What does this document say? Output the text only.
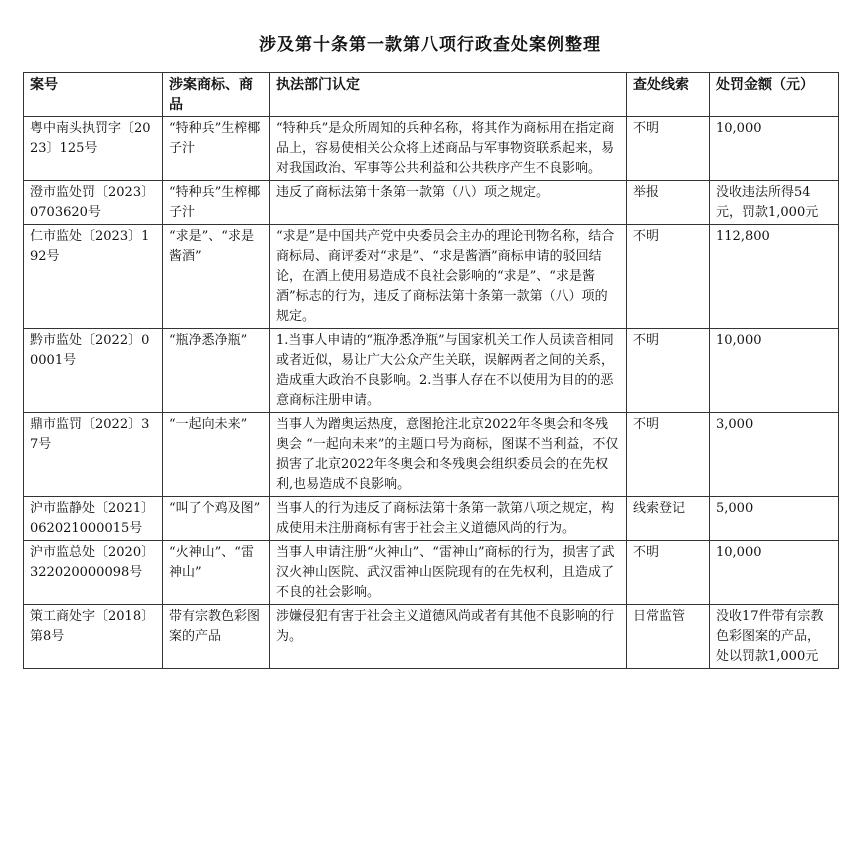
涉及第十条第一款第八项行政查处案例整理
案号	涉案商标、商品	执法部门认定	查处线索	处罚金额（元）
粤中南头执罚字〔2023〕125号	“特种兵”生榨椰子汁	“特种兵”是众所周知的兵种名称，将其作为商标用在指定商品上，容易使相关公众将上述商品与军事物资联系起来，易对我国政治、军事等公共利益和公共秩序产生不良影响。	不明	10,000
澄市监处罚〔2023〕0703620号	“特种兵”生榨椰子汁	违反了商标法第十条第一款第（八）项之规定。	举报	没收违法所得54元，罚款1,000元
仁市监处〔2023〕192号	“求是”、“求是酱酒”	“求是”是中国共产党中央委员会主办的理论刊物名称，结合商标局、商评委对“求是”、“求是酱酒”商标申请的驳回结论，在酒上使用易造成不良社会影响的“求是”、“求是酱酒”标志的行为，违反了商标法第十条第一款第（八）项的规定。	不明	112,800
黔市监处〔2022〕00001号	“瓶净悉净瓶”	1.当事人申请的“瓶净悉净瓶”与国家机关工作人员读音相同或者近似，易让广大公众产生关联，误解两者之间的关系，造成重大政治不良影响。2.当事人存在不以使用为目的的恶意商标注册申请。	不明	10,000
鼎市监罚〔2022〕37号	“一起向未来”	当事人为蹭奥运热度，意图抢注北京2022年冬奥会和冬残奥会 “一起向未来”的主题口号为商标，图谋不当利益，不仅损害了北京2022年冬奥会和冬残奥会组织委员会的在先权利,也易造成不良影响。	不明	3,000
沪市监静处〔2021〕062021000015号	“叫了个鸡及图”	当事人的行为违反了商标法第十条第一款第八项之规定，构成使用未注册商标有害于社会主义道德风尚的行为。	线索登记	5,000
沪市监总处〔2020〕322020000098号	“火神山”、“雷神山”	当事人申请注册“火神山”、“雷神山”商标的行为，损害了武汉火神山医院、武汉雷神山医院现有的在先权利，且造成了不良的社会影响。	不明	10,000
策工商处字〔2018〕第8号	带有宗教色彩图案的产品	涉嫌侵犯有害于社会主义道德风尚或者有其他不良影响的行为。	日常监管	没收17件带有宗教色彩图案的产品，处以罚款1,000元
